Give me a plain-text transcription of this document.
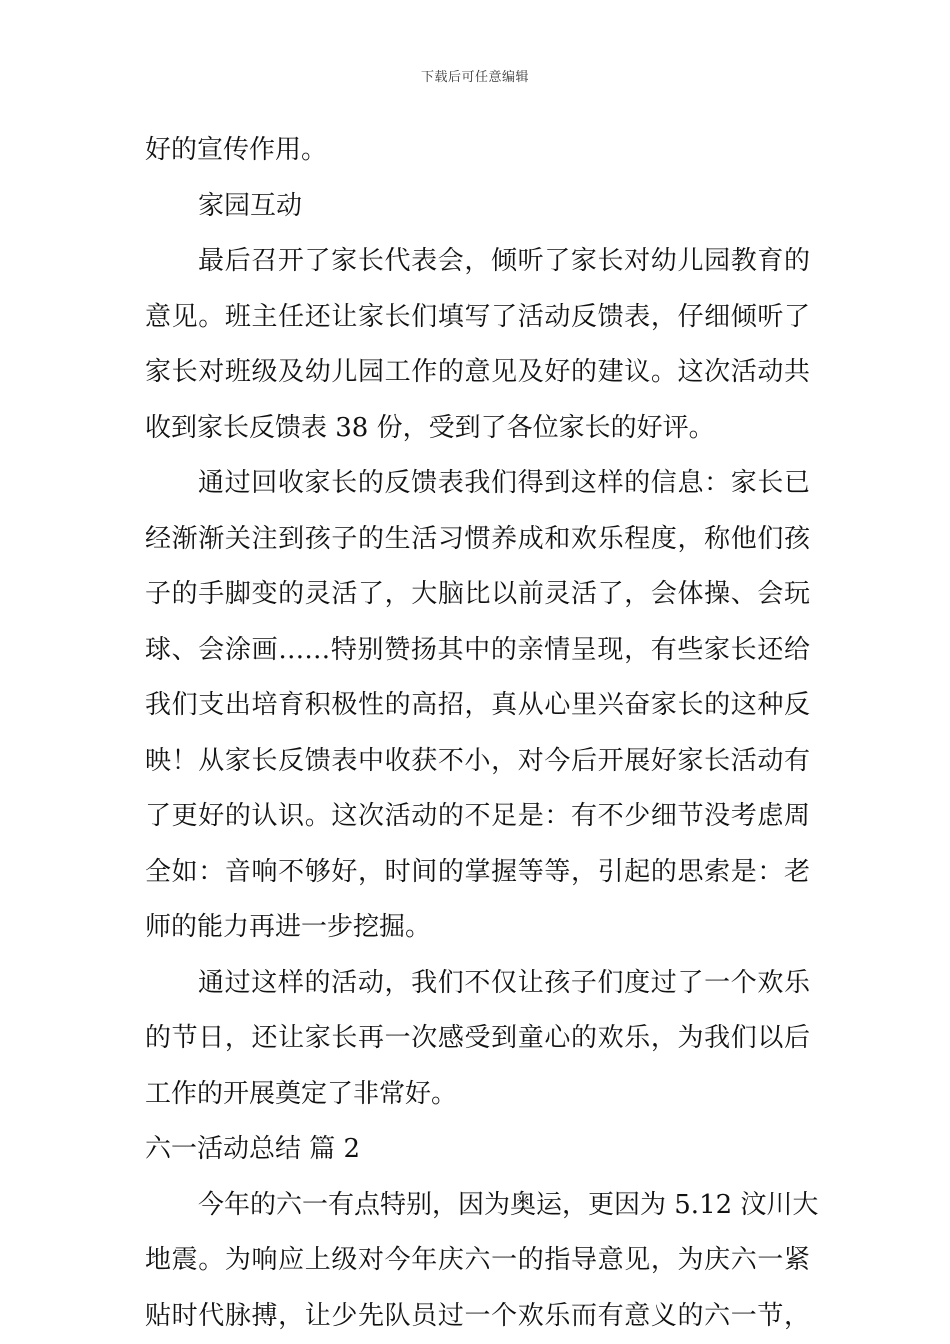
下载后可任意编辑
好的宣传作用。
家园互动
最后召开了家长代表会，倾听了家长对幼儿园教育的
意见。班主任还让家长们填写了活动反馈表，仔细倾听了
家长对班级及幼儿园工作的意见及好的建议。这次活动共
收到家长反馈表 38 份，受到了各位家长的好评。
通过回收家长的反馈表我们得到这样的信息：家长已
经渐渐关注到孩子的生活习惯养成和欢乐程度，称他们孩
子的手脚变的灵活了，大脑比以前灵活了，会体操、会玩
球、会涂画……特别赞扬其中的亲情呈现，有些家长还给
我们支出培育积极性的高招，真从心里兴奋家长的这种反
映！从家长反馈表中收获不小，对今后开展好家长活动有
了更好的认识。这次活动的不足是：有不少细节没考虑周
全如：音响不够好，时间的掌握等等，引起的思索是：老
师的能力再进一步挖掘。
通过这样的活动，我们不仅让孩子们度过了一个欢乐
的节日，还让家长再一次感受到童心的欢乐，为我们以后
工作的开展奠定了非常好。
六一活动总结 篇 2
今年的六一有点特别，因为奥运，更因为 5.12 汶川大
地震。为响应上级对今年庆六一的指导意见，为庆六一紧
贴时代脉搏，让少先队员过一个欢乐而有意义的六一节，
